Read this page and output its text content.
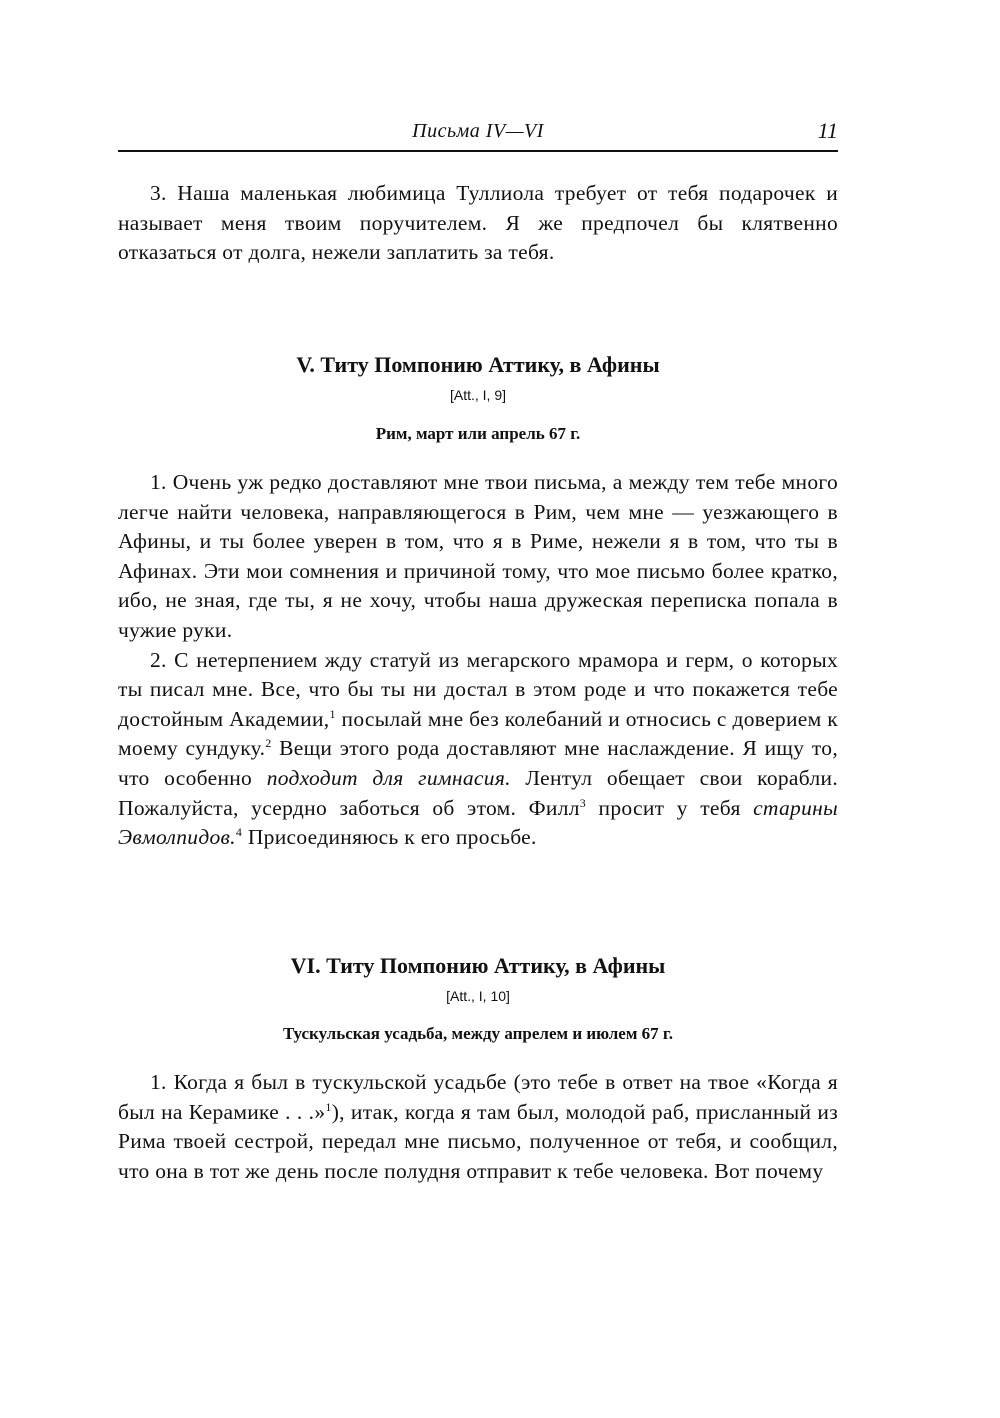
Письма IV—VI	11

3. Наша маленькая любимица Туллиола требует от тебя подарочек и называет меня твоим поручителем. Я же предпочел бы клятвенно отказаться от долга, нежели заплатить за тебя.

V. Титу Помпонию Аттику, в Афины
[Att., I, 9]
Рим, март или апрель 67 г.

1. Очень уж редко доставляют мне твои письма, а между тем тебе много легче найти человека, направляющегося в Рим, чем мне — уезжающего в Афины, и ты более уверен в том, что я в Риме, нежели я в том, что ты в Афинах. Эти мои сомнения и причиной тому, что мое письмо более кратко, ибо, не зная, где ты, я не хочу, чтобы наша дружеская переписка попала в чужие руки.

2. С нетерпением жду статуй из мегарского мрамора и герм, о которых ты писал мне. Все, что бы ты ни достал в этом роде и что покажется тебе достойным Академии,$^1$ посылай мне без колебаний и относись с доверием к моему сундуку.$^2$ Вещи этого рода доставляют мне наслаждение. Я ищу то, что особенно подходит для гимнасия. Лентул обещает свои корабли. Пожалуйста, усердно заботься об этом. Филл$^3$ просит у тебя старины Эвмолпидов.$^4$ Присоединяюсь к его просьбе.

VI. Титу Помпонию Аттику, в Афины
[Att., I, 10]
Тускульская усадьба, между апрелем и июлем 67 г.

1. Когда я был в тускульской усадьбе (это тебе в ответ на твое «Когда я был на Керамике . . .»$^1$), итак, когда я там был, молодой раб, присланный из Рима твоей сестрой, передал мне письмо, полученное от тебя, и сообщил, что она в тот же день после полудня отправит к тебе человека. Вот почему
